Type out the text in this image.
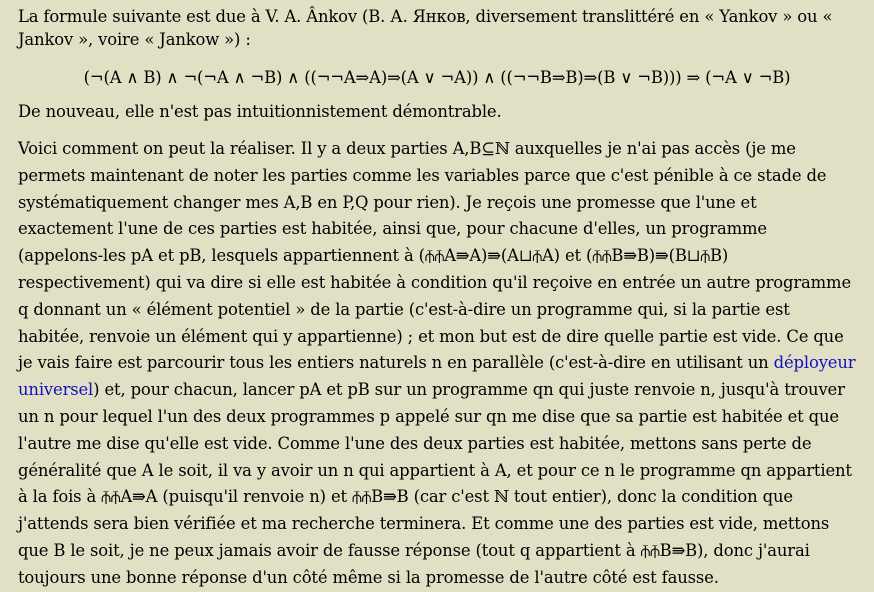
La formule suivante est due à V. A. Ânkov (В. А. Янков, diversement translittéré en « Yankov » ou « Jankov », voire « Jankow ») :

(¬(A ∧ B) ∧ ¬(¬A ∧ ¬B) ∧ ((¬¬A⇒A)⇒(A ∨ ¬A)) ∧ ((¬¬B⇒B)⇒(B ∨ ¬B))) ⇒ (¬A ∨ ¬B)

De nouveau, elle n'est pas intuitionnistement démontrable.

Voici comment on peut la réaliser. Il y a deux parties A,B⊆ℕ auxquelles je n'ai pas accès (je me permets maintenant de noter les parties comme les variables parce que c'est pénible à ce stade de systématiquement changer mes A,B en P,Q pour rien). Je reçois une promesse que l'une et exactement l'une de ces parties est habitée, ainsi que, pour chacune d'elles, un programme (appelons-les pA et pB, lesquels appartiennent à (⫚⫚A⇛A)⇛(A⊔⫚A) et (⫚⫚B⇛B)⇛(B⊔⫚B) respectivement) qui va dire si elle est habitée à condition qu'il reçoive en entrée un autre programme q donnant un « élément potentiel » de la partie (c'est-à-dire un programme qui, si la partie est habitée, renvoie un élément qui y appartienne) ; et mon but est de dire quelle partie est vide. Ce que je vais faire est parcourir tous les entiers naturels n en parallèle (c'est-à-dire en utilisant un déployeur universel) et, pour chacun, lancer pA et pB sur un programme qn qui juste renvoie n, jusqu'à trouver un n pour lequel l'un des deux programmes p appelé sur qn me dise que sa partie est habitée et que l'autre me dise qu'elle est vide. Comme l'une des deux parties est habitée, mettons sans perte de généralité que A le soit, il va y avoir un n qui appartient à A, et pour ce n le programme qn appartient à la fois à ⫚⫚A⇛A (puisqu'il renvoie n) et ⫚⫚B⇛B (car c'est ℕ tout entier), donc la condition que j'attends sera bien vérifiée et ma recherche terminera. Et comme une des parties est vide, mettons que B le soit, je ne peux jamais avoir de fausse réponse (tout q appartient à ⫚⫚B⇛B), donc j'aurai toujours une bonne réponse d'un côté même si la promesse de l'autre côté est fausse.
